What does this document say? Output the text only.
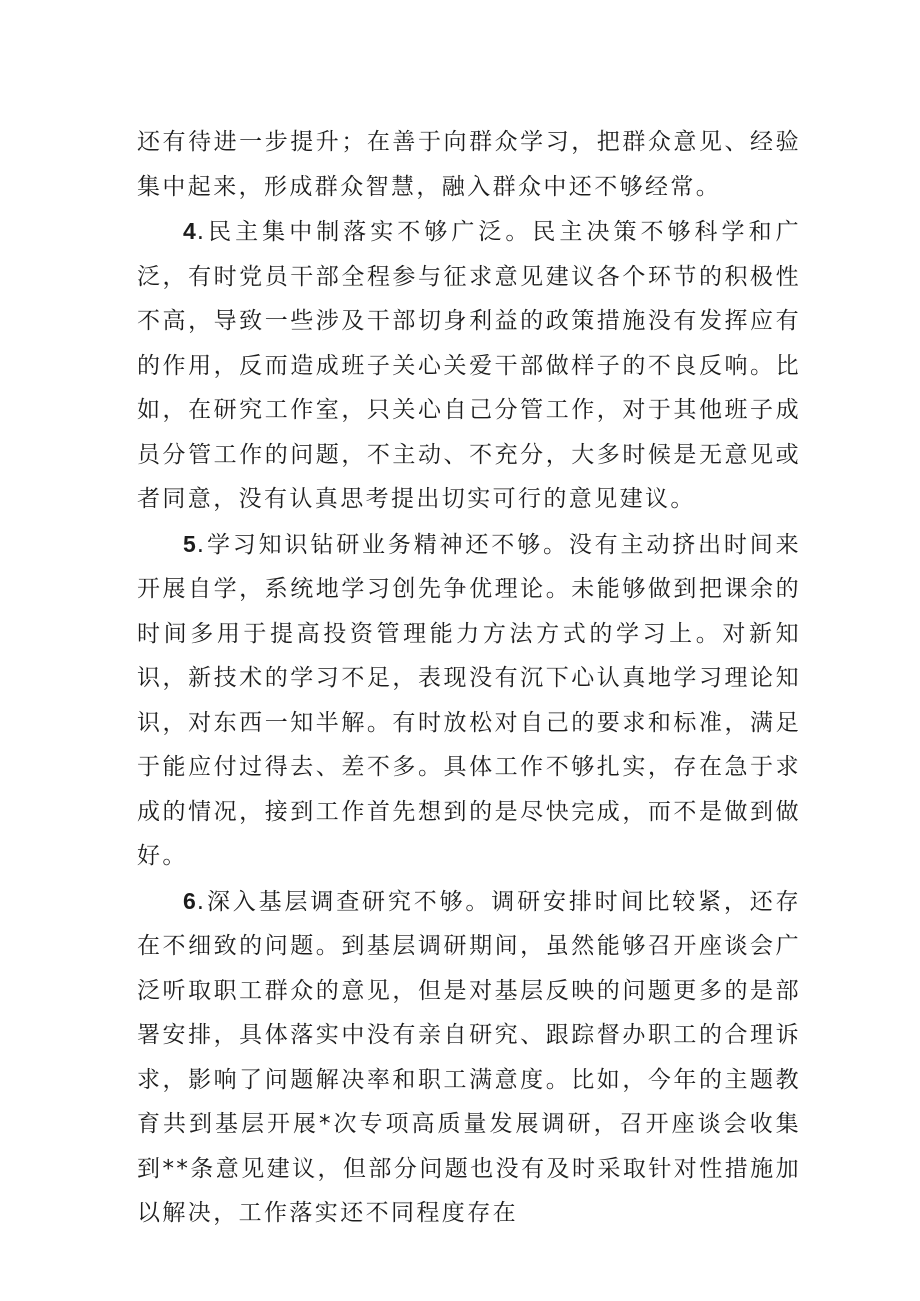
还有待进一步提升；在善于向群众学习，把群众意见、经验集中起来，形成群众智慧，融入群众中还不够经常。

4.民主集中制落实不够广泛。民主决策不够科学和广泛，有时党员干部全程参与征求意见建议各个环节的积极性不高，导致一些涉及干部切身利益的政策措施没有发挥应有的作用，反而造成班子关心关爱干部做样子的不良反响。比如，在研究工作室，只关心自己分管工作，对于其他班子成员分管工作的问题，不主动、不充分，大多时候是无意见或者同意，没有认真思考提出切实可行的意见建议。

5.学习知识钻研业务精神还不够。没有主动挤出时间来开展自学，系统地学习创先争优理论。未能够做到把课余的时间多用于提高投资管理能力方法方式的学习上。对新知识，新技术的学习不足，表现没有沉下心认真地学习理论知识，对东西一知半解。有时放松对自己的要求和标准，满足于能应付过得去、差不多。具体工作不够扎实，存在急于求成的情况，接到工作首先想到的是尽快完成，而不是做到做好。

6.深入基层调查研究不够。调研安排时间比较紧，还存在不细致的问题。到基层调研期间，虽然能够召开座谈会广泛听取职工群众的意见，但是对基层反映的问题更多的是部署安排，具体落实中没有亲自研究、跟踪督办职工的合理诉求，影响了问题解决率和职工满意度。比如，今年的主题教育共到基层开展*次专项高质量发展调研，召开座谈会收集到**条意见建议，但部分问题也没有及时采取针对性措施加以解决，工作落实还不同程度存在
